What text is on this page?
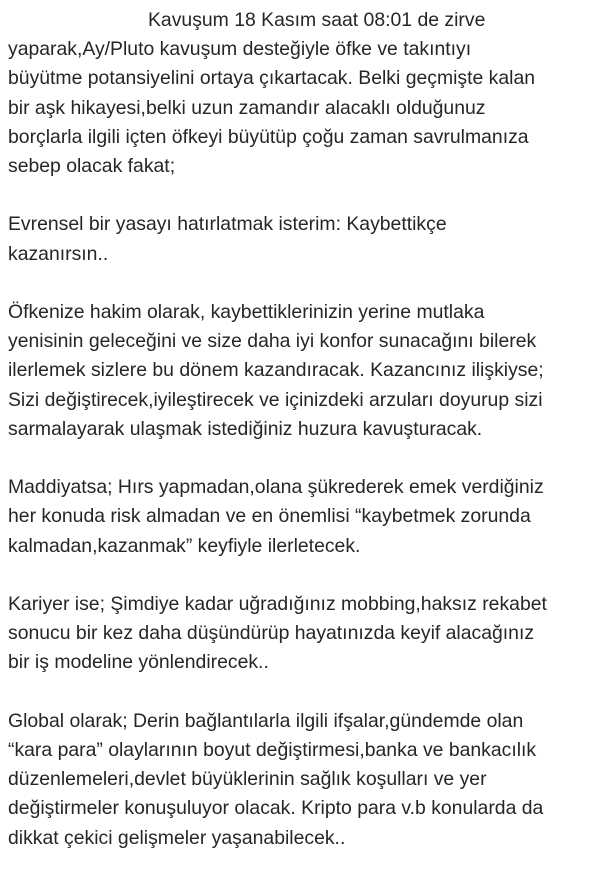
Kavuşum 18 Kasım saat 08:01 de zirve
yaparak,Ay/Pluto kavuşum desteğiyle öfke ve takıntıyı
büyütme potansiyelini ortaya çıkartacak. Belki geçmişte kalan
bir aşk hikayesi,belki uzun zamandır alacaklı olduğunuz
borçlarla ilgili içten öfkeyi büyütüp çoğu zaman savrulmanıza
sebep olacak fakat;

Evrensel bir yasayı hatırlatmak isterim: Kaybettikçe
kazanırsın..

Öfkenize hakim olarak, kaybettiklerinizin yerine mutlaka
yenisinin geleceğini ve size daha iyi konfor sunacağını bilerek
ilerlemek sizlere bu dönem kazandıracak. Kazancınız ilişkiyse;
Sizi değiştirecek,iyileştirecek ve içinizdeki arzuları doyurup sizi
sarmalayarak ulaşmak istediğiniz huzura kavuşturacak.

Maddiyatsa; Hırs yapmadan,olana şükrederek emek verdiğiniz
her konuda risk almadan ve en önemlisi “kaybetmek zorunda
kalmadan,kazanmak” keyfiyle ilerletecek.

Kariyer ise; Şimdiye kadar uğradığınız mobbing,haksız rekabet
sonucu bir kez daha düşündürüp hayatınızda keyif alacağınız
bir iş modeline yönlendirecek..

Global olarak; Derin bağlantılarla ilgili ifşalar,gündemde olan
“kara para” olaylarının boyut değiştirmesi,banka ve bankacılık
düzenlemeleri,devlet büyüklerinin sağlık koşulları ve yer
değiştirmeler konuşuluyor olacak. Kripto para v.b konularda da
dikkat çekici gelişmeler yaşanabilecek..
